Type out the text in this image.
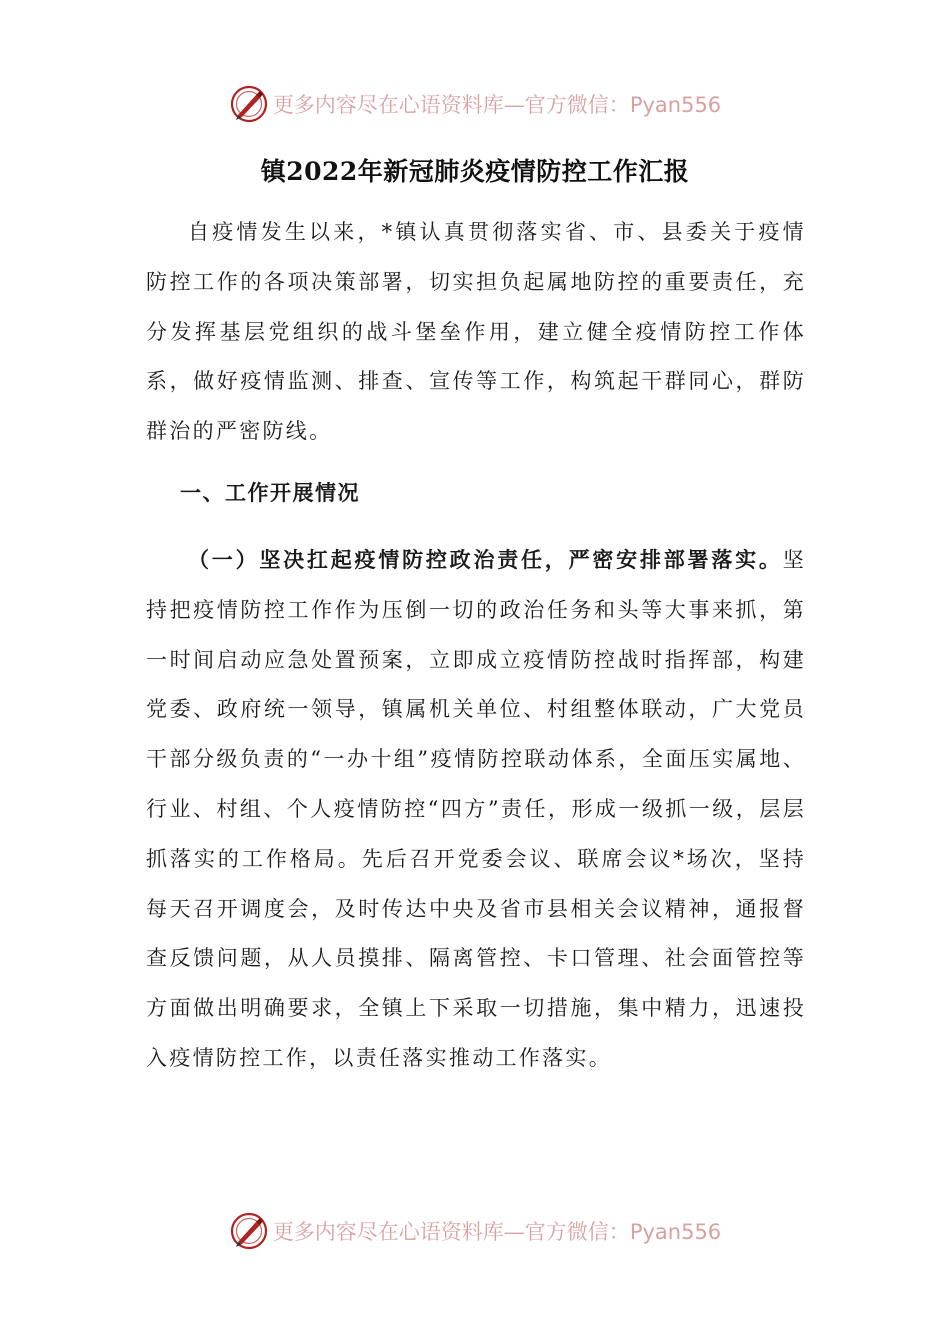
更多内容尽在心语资料库—官方微信：Pyan556
镇2022年新冠肺炎疫情防控工作汇报

自疫情发生以来，*镇认真贯彻落实省、市、县委关于疫情防控工作的各项决策部署，切实担负起属地防控的重要责任，充分发挥基层党组织的战斗堡垒作用，建立健全疫情防控工作体系，做好疫情监测、排查、宣传等工作，构筑起干群同心，群防群治的严密防线。

一、工作开展情况

（一）坚决扛起疫情防控政治责任，严密安排部署落实。坚持把疫情防控工作作为压倒一切的政治任务和头等大事来抓，第一时间启动应急处置预案，立即成立疫情防控战时指挥部，构建党委、政府统一领导，镇属机关单位、村组整体联动，广大党员干部分级负责的“一办十组”疫情防控联动体系，全面压实属地、行业、村组、个人疫情防控“四方”责任，形成一级抓一级，层层抓落实的工作格局。先后召开党委会议、联席会议*场次，坚持每天召开调度会，及时传达中央及省市县相关会议精神，通报督查反馈问题，从人员摸排、隔离管控、卡口管理、社会面管控等方面做出明确要求，全镇上下采取一切措施，集中精力，迅速投入疫情防控工作，以责任落实推动工作落实。

更多内容尽在心语资料库—官方微信：Pyan556
